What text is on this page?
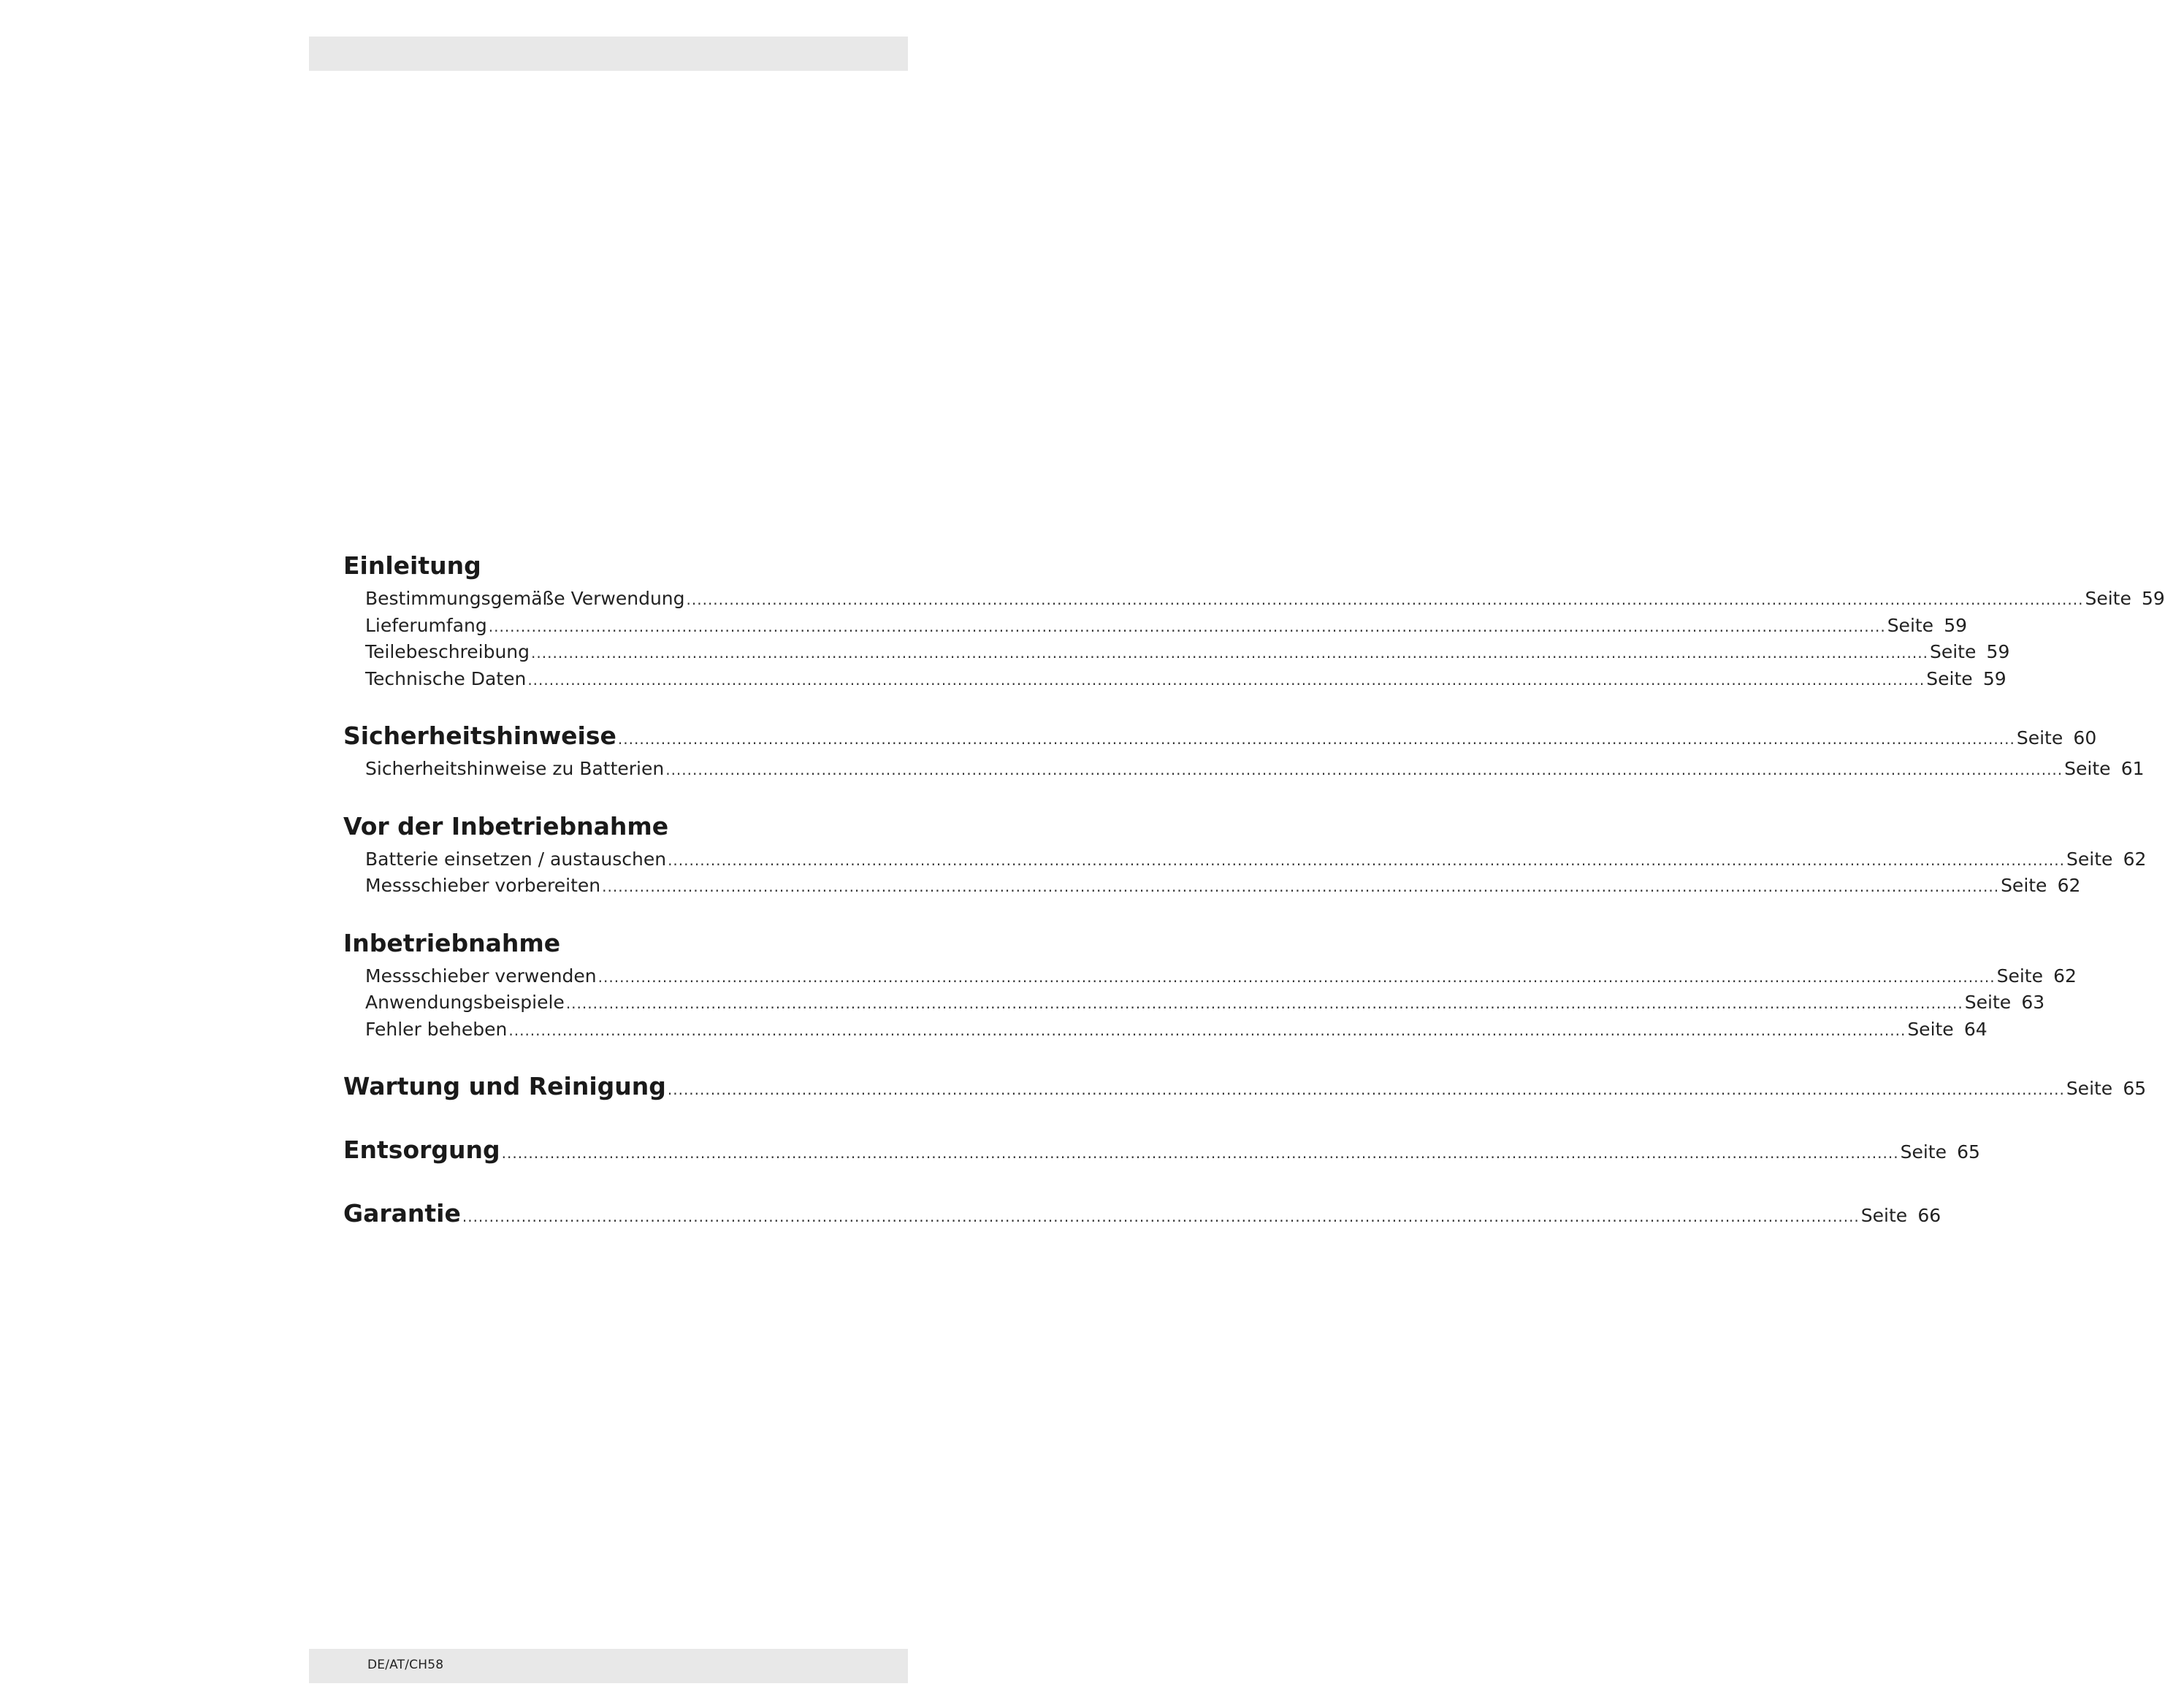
Einleitung
Bestimmungsgemäße Verwendung .................................................................................................................................................................................................................................................................... Seite 59
Lieferumfang .................................................................................................................................................................................................................................................................... Seite 59
Teilebeschreibung .................................................................................................................................................................................................................................................................... Seite 59
Technische Daten .................................................................................................................................................................................................................................................................... Seite 59
Sicherheitshinweise .................................................................................................................................................................................................................................................................... Seite 60
Sicherheitshinweise zu Batterien .................................................................................................................................................................................................................................................................... Seite 61
Vor der Inbetriebnahme
Batterie einsetzen / austauschen .................................................................................................................................................................................................................................................................... Seite 62
Messschieber vorbereiten .................................................................................................................................................................................................................................................................... Seite 62
Inbetriebnahme
Messschieber verwenden .................................................................................................................................................................................................................................................................... Seite 62
Anwendungsbeispiele .................................................................................................................................................................................................................................................................... Seite 63
Fehler beheben .................................................................................................................................................................................................................................................................... Seite 64
Wartung und Reinigung .................................................................................................................................................................................................................................................................... Seite 65
Entsorgung .................................................................................................................................................................................................................................................................... Seite 65
Garantie .................................................................................................................................................................................................................................................................... Seite 66
DE/AT/CH58
